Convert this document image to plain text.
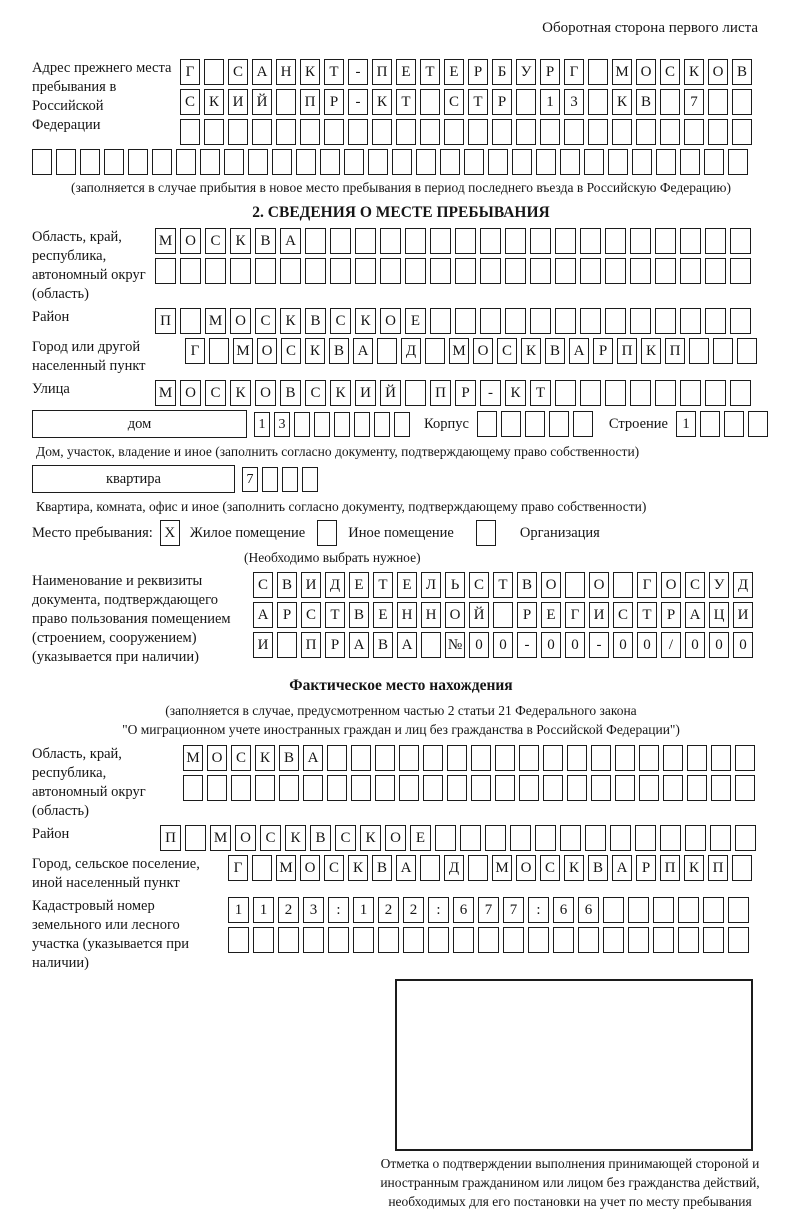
Оборотная сторона первого листа
Адрес прежнего места пребывания в Российской Федерации
Г	С А Н К Т	-	П Е Т Е	Р	Б У Р	Г	М О С К О В
С К И Й	П Р	-	К Т	С Т	Р	1	3	К В	7
(заполняется в случае прибытия в новое место пребывания в период последнего въезда в Российскую Федерацию)
2. СВЕДЕНИЯ О МЕСТЕ ПРЕБЫВАНИЯ
Область, край, республика, автономный округ (область)
М О С К В А
Район	П	М О С К В С К О Е
Город или другой населенный пункт
Г	М О С К В А	Д	М О С К В А Р П К П
Улица	М О С К О В С К И Й	П	Р	-	К	Т
дом	1 3	Корпус	Строение 1
Дом, участок, владение и иное (заполнить согласно документу, подтверждающему право собственности)
квартира	7
Квартира, комната, офис и иное (заполнить согласно документу, подтверждающему право собственности)
Место пребывания: X	Жилое помещение	Иное помещение	Организация
(Необходимо выбрать нужное)
Наименование и реквизиты документа, подтверждающего право пользования помещением (строением, сооружением) (указывается при наличии)
С В И Д Е Т Е Л Ь С Т В О	О	Г О С У Д
А Р С Т В Е Н Н О Й	Р	Е	Г И С Т	Р А Ц И
И	П Р А В А	№ 0	0	-	0	0	-	0	0	/	0	0	0
Фактическое место нахождения
(заполняется в случае, предусмотренном частью 2 статьи 21 Федерального закона
"О миграционном учете иностранных граждан и лиц без гражданства в Российской Федерации")
Область, край, республика, автономный округ (область)
М О С К В А
Район	П	М О С К В С К О Е
Город, сельское поселение, иной населенный пункт
Г	М О С К В А	Д	М О С К В А Р П К П
Кадастровый номер земельного или лесного участка (указывается при наличии)
1	1	2	3	:	1	2	2	:	6	7	7	:	6	6
Отметка о подтверждении выполнения принимающей стороной и иностранным гражданином или лицом без гражданства действий, необходимых для его постановки на учет по месту пребывания
